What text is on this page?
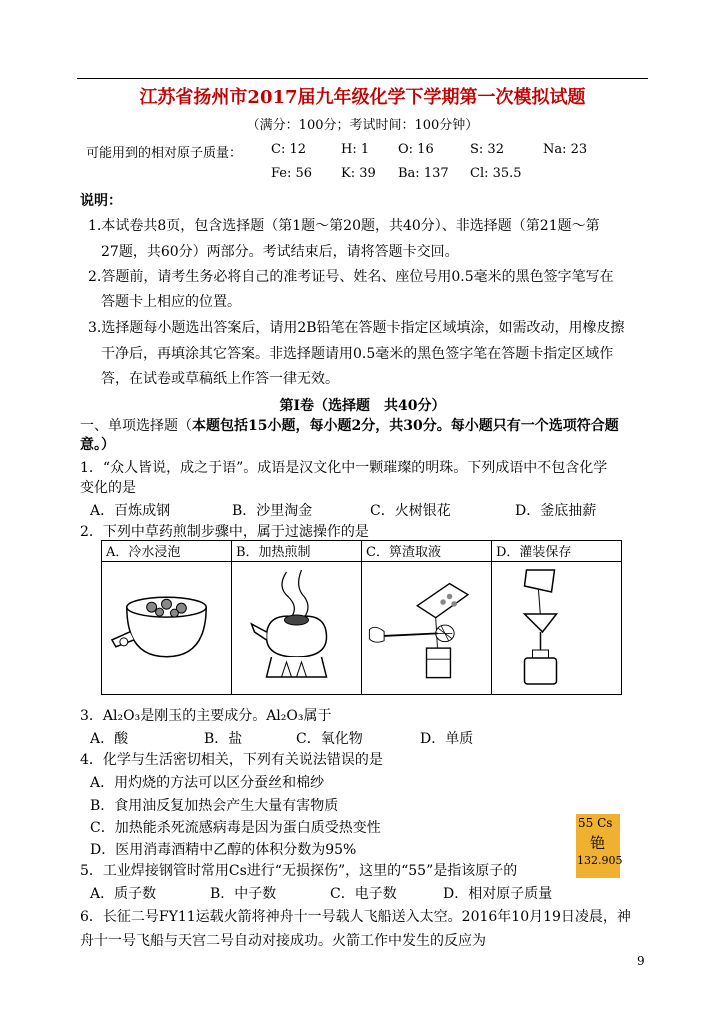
江苏省扬州市2017届九年级化学下学期第一次模拟试题
（满分：100分；考试时间：100分钟）
可能用到的相对原子质量： C: 12	H: 1 O: 16	S: 32	Na: 23
Fe: 56 K: 39 Ba: 137 Cl: 35.5
说明：
1.本试卷共8页，包含选择题（第1题～第20题，共40分）、非选择题（第21题～第
27题，共60分）两部分。考试结束后，请将答题卡交回。
2.答题前，请考生务必将自己的准考证号、姓名、座位号用0.5毫米的黑色签字笔写在
答题卡上相应的位置。
3.选择题每小题选出答案后，请用2B铅笔在答题卡指定区域填涂，如需改动，用橡皮擦
干净后，再填涂其它答案。非选择题请用0.5毫米的黑色签字笔在答题卡指定区域作
答，在试卷或草稿纸上作答一律无效。
第Ⅰ卷（选择题　共40分）
一、单项选择题（本题包括15小题，每小题2分，共30分。每小题只有一个选项符合题
意。）
1．“众人皆说，成之于语”。成语是汉文化中一颗璀璨的明珠。下列成语中不包含化学
变化的是
A．百炼成钢	B．沙里淘金	C．火树银花	D．釜底抽薪
2．下列中草药煎制步骤中，属于过滤操作的是
A．冷水浸泡	B．加热煎制	C．箅渣取液	D．灌装保存

3．Al₂O₃是刚玉的主要成分。Al₂O₃属于
A．酸	B．盐	C．氧化物	D．单质
4．化学与生活密切相关，下列有关说法错误的是
A．用灼烧的方法可以区分蚕丝和棉纱
B．食用油反复加热会产生大量有害物质
C．加热能杀死流感病毒是因为蛋白质受热变性
D．医用消毒酒精中乙醇的体积分数为95%
55 Cs
铯
132.905
5．工业焊接钢管时常用Cs进行“无损探伤”，这里的“55”是指该原子的
A．质子数	B．中子数	C．电子数	D．相对原子质量
6．长征二号FY11运载火箭将神舟十一号载人飞船送入太空。2016年10月19日凌晨，神
舟十一号飞船与天宫二号自动对接成功。火箭工作中发生的反应为
9
